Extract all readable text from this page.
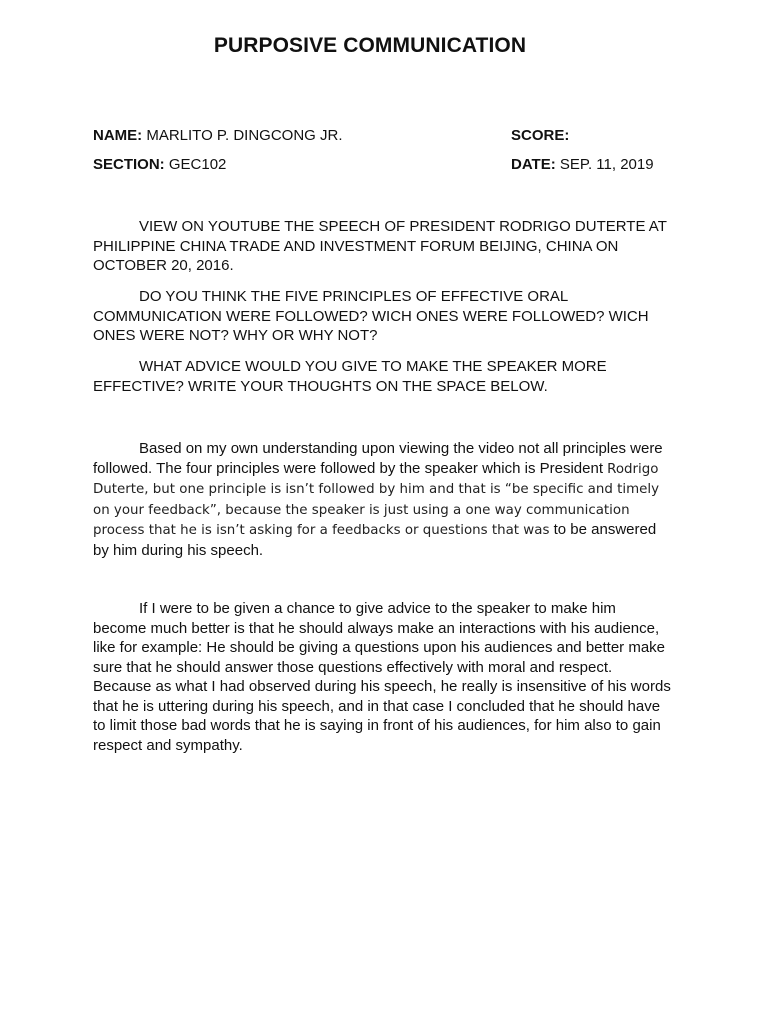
PURPOSIVE COMMUNICATION
NAME: MARLITO P. DINGCONG JR.	SCORE:
SECTION: GEC102	DATE: SEP. 11, 2019

VIEW ON YOUTUBE THE SPEECH OF PRESIDENT RODRIGO DUTERTE AT PHILIPPINE CHINA TRADE AND INVESTMENT FORUM BEIJING, CHINA ON OCTOBER 20, 2016.

DO YOU THINK THE FIVE PRINCIPLES OF EFFECTIVE ORAL COMMUNICATION WERE FOLLOWED? WICH ONES WERE FOLLOWED? WICH ONES WERE NOT? WHY OR WHY NOT?

WHAT ADVICE WOULD YOU GIVE TO MAKE THE SPEAKER MORE EFFECTIVE? WRITE YOUR THOUGHTS ON THE SPACE BELOW.

Based on my own understanding upon viewing the video not all principles were followed. The four principles were followed by the speaker which is President Rodrigo Duterte, but one principle is isn’t followed by him and that is “be specific and timely on your feedback”, because the speaker is just using a one way communication process that he is isn’t asking for a feedbacks or questions that was to be answered by him during his speech.

If I were to be given a chance to give advice to the speaker to make him become much better is that he should always make an interactions with his audience, like for example: He should be giving a questions upon his audiences and better make sure that he should answer those questions effectively with moral and respect. Because as what I had observed during his speech, he really is insensitive of his words that he is uttering during his speech, and in that case I concluded that he should have to limit those bad words that he is saying in front of his audiences, for him also to gain respect and sympathy.
